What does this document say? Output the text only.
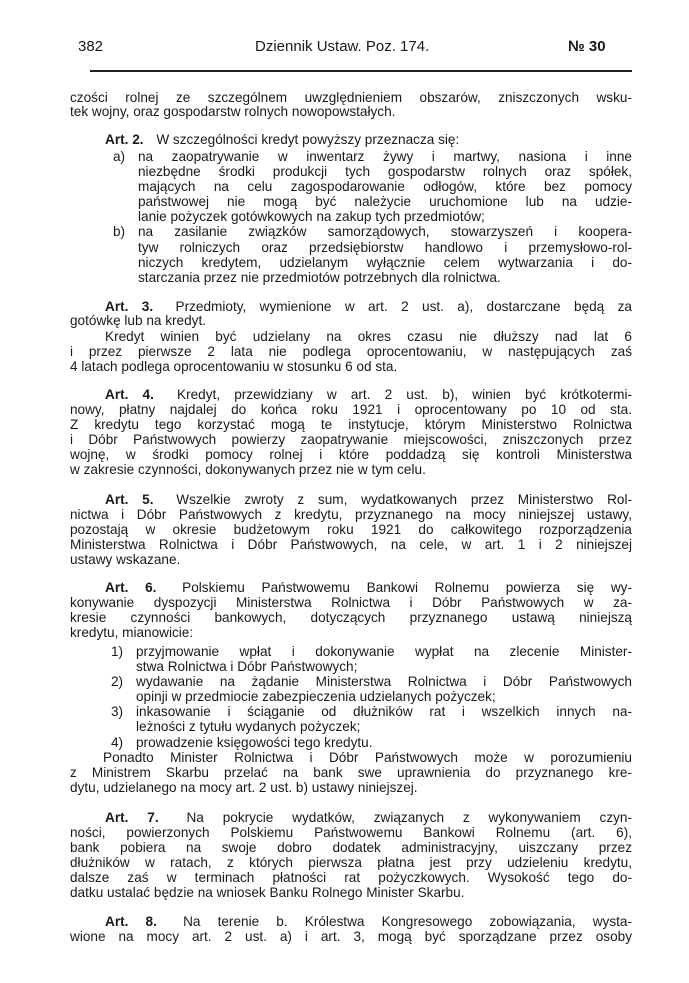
382	Dziennik Ustaw. Poz. 174.	№ 30
czości rolnej ze szczególnem uwzględnieniem obszarów, zniszczonych wsku-
tek wojny, oraz gospodarstw rolnych nowopowstałych.
Art. 2. W szczególności kredyt powyższy przeznacza się:
a) na zaopatrywanie w inwentarz żywy i martwy, nasiona i inne
niezbędne środki produkcji tych gospodarstw rolnych oraz spółek,
mających na celu zagospodarowanie odłogów, które bez pomocy
państwowej nie mogą być należycie uruchomione lub na udzie-
lanie pożyczek gotówkowych na zakup tych przedmiotów;
b) na zasilanie związków samorządowych, stowarzyszeń i koopera-
tyw rolniczych oraz przedsiębiorstw handlowo i przemysłowo-rol-
niczych kredytem, udzielanym wyłącznie celem wytwarzania i do-
starczania przez nie przedmiotów potrzebnych dla rolnictwa.
Art. 3. Przedmioty, wymienione w art. 2 ust. a), dostarczane będą za
gotówkę lub na kredyt.
Kredyt winien być udzielany na okres czasu nie dłuższy nad lat 6
i przez pierwsze 2 lata nie podlega oprocentowaniu, w następujących zaś
4 latach podlega oprocentowaniu w stosunku 6 od sta.
Art. 4. Kredyt, przewidziany w art. 2 ust. b), winien być krótkotermi-
nowy, płatny najdalej do końca roku 1921 i oprocentowany po 10 od sta.
Z kredytu tego korzystać mogą te instytucje, którym Ministerstwo Rolnictwa
i Dóbr Państwowych powierzy zaopatrywanie miejscowości, zniszczonych przez
wojnę, w środki pomocy rolnej i które poddadzą się kontroli Ministerstwa
w zakresie czynności, dokonywanych przez nie w tym celu.
Art. 5. Wszelkie zwroty z sum, wydatkowanych przez Ministerstwo Rol-
nictwa i Dóbr Państwowych z kredytu, przyznanego na mocy niniejszej ustawy,
pozostają w okresie budżetowym roku 1921 do całkowitego rozporządzenia
Ministerstwa Rolnictwa i Dóbr Państwowych, na cele, w art. 1 i 2 niniejszej
ustawy wskazane.
Art. 6. Polskiemu Państwowemu Bankowi Rolnemu powierza się wy-
konywanie dyspozycji Ministerstwa Rolnictwa i Dóbr Państwowych w za-
kresie czynności bankowych, dotyczących przyznanego ustawą niniejszą
kredytu, mianowicie:
1) przyjmowanie wpłat i dokonywanie wypłat na zlecenie Minister-
stwa Rolnictwa i Dóbr Państwowych;
2) wydawanie na żądanie Ministerstwa Rolnictwa i Dóbr Państwowych
opinji w przedmiocie zabezpieczenia udzielanych pożyczek;
3) inkasowanie i ściąganie od dłużników rat i wszelkich innych na-
leżności z tytułu wydanych pożyczek;
4) prowadzenie księgowości tego kredytu.
Ponadto Minister Rolnictwa i Dóbr Państwowych może w porozumieniu
z Ministrem Skarbu przelać na bank swe uprawnienia do przyznanego kre-
dytu, udzielanego na mocy art. 2 ust. b) ustawy niniejszej.
Art. 7. Na pokrycie wydatków, związanych z wykonywaniem czyn-
ności, powierzonych Polskiemu Państwowemu Bankowi Rolnemu (art. 6),
bank pobiera na swoje dobro dodatek administracyjny, uiszczany przez
dłużników w ratach, z których pierwsza płatna jest przy udzieleniu kredytu,
dalsze zaś w terminach płatności rat pożyczkowych. Wysokość tego do-
datku ustalać będzie na wniosek Banku Rolnego Minister Skarbu.
Art. 8. Na terenie b. Królestwa Kongresowego zobowiązania, wysta-
wione na mocy art. 2 ust. a) i art. 3, mogą być sporządzane przez osoby
